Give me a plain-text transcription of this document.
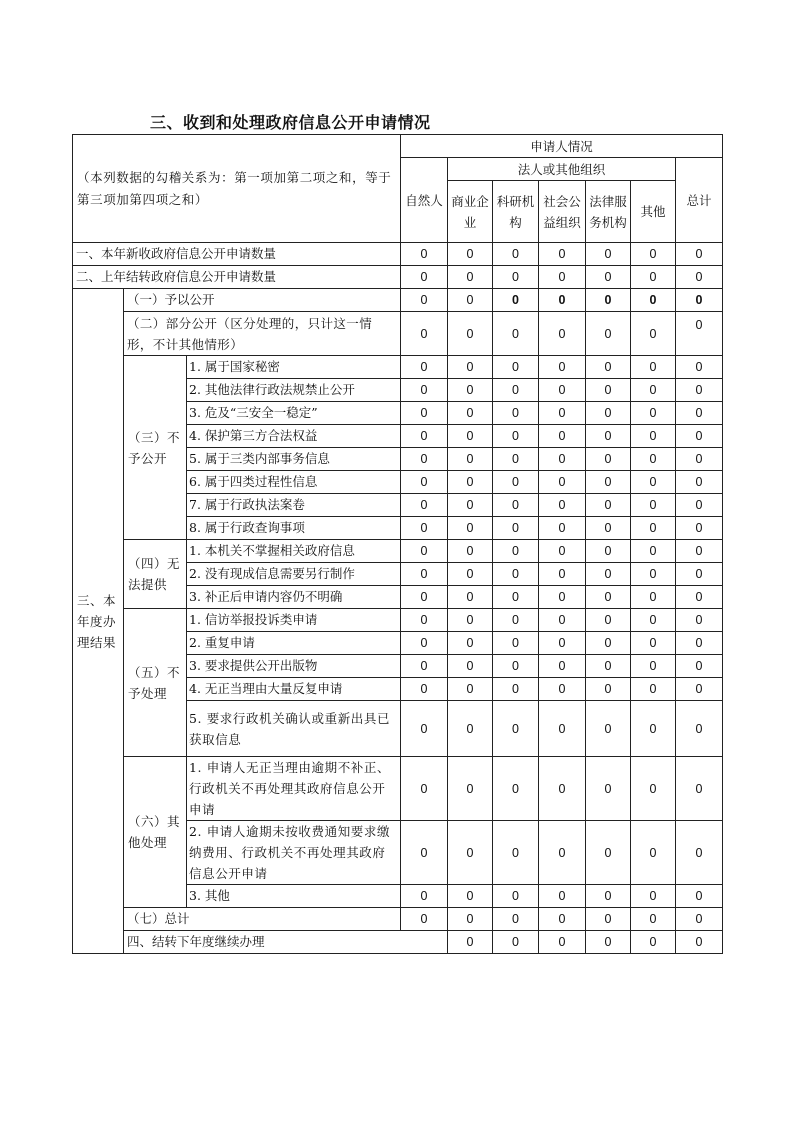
三、收到和处理政府信息公开申请情况
（本列数据的勾稽关系为：第一项加第二项之和，等于第三项加第四项之和）			申请人情况							
			自然人	法人或其他组织					总计	
				商业企业	科研机构	社会公益组织	法律服务机构	其他		
一、本年新收政府信息公开申请数量			0	0	0	0	0	0	0	
二、上年结转政府信息公开申请数量			0	0	0	0	0	0	0	
三、本年度办理结果	（一）予以公开		0	0	0	0	0	0	0	
	（二）部分公开（区分处理的，只计这一情形，不计其他情形）		0	0	0	0	0	0	0	
	（三）不予公开	1. 属于国家秘密	0	0	0	0	0	0	0	
		2. 其他法律行政法规禁止公开	0	0	0	0	0	0	0	
		3. 危及“三安全一稳定”	0	0	0	0	0	0	0	
		4. 保护第三方合法权益	0	0	0	0	0	0	0	
		5. 属于三类内部事务信息	0	0	0	0	0	0	0	
		6. 属于四类过程性信息	0	0	0	0	0	0	0	
		7. 属于行政执法案卷	0	0	0	0	0	0	0	
		8. 属于行政查询事项	0	0	0	0	0	0	0	
	（四）无法提供	1. 本机关不掌握相关政府信息	0	0	0	0	0	0	0	
		2. 没有现成信息需要另行制作	0	0	0	0	0	0	0	
		3. 补正后申请内容仍不明确	0	0	0	0	0	0	0	
	（五）不予处理	1. 信访举报投诉类申请	0	0	0	0	0	0	0	
		2. 重复申请	0	0	0	0	0	0	0	
		3. 要求提供公开出版物	0	0	0	0	0	0	0	
		4. 无正当理由大量反复申请	0	0	0	0	0	0	0	
		5. 要求行政机关确认或重新出具已获取信息	0	0	0	0	0	0	0	
	（六）其他处理	1. 申请人无正当理由逾期不补正、行政机关不再处理其政府信息公开申请	0	0	0	0	0	0	0	
		2. 申请人逾期未按收费通知要求缴纳费用、行政机关不再处理其政府信息公开申请	0	0	0	0	0	0	0	
		3. 其他	0	0	0	0	0	0	0	
	（七）总计		0	0	0	0	0	0	0	
	四、结转下年度继续办理			0	0	0	0	0	0	
